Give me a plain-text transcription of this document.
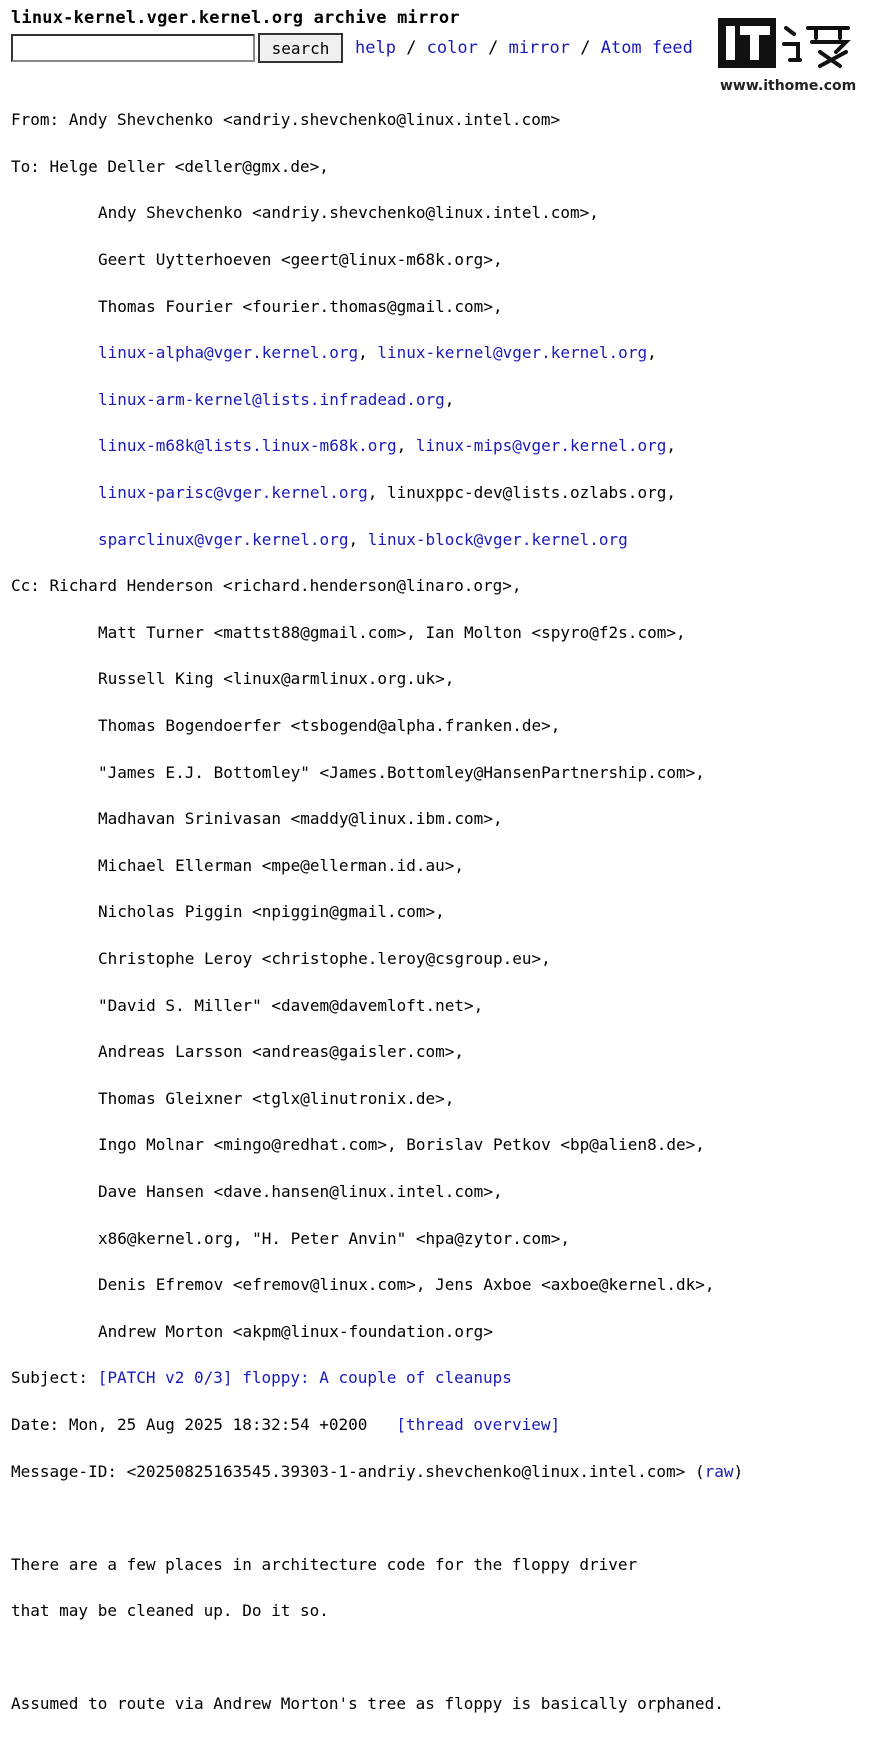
linux-kernel.vger.kernel.org archive mirror
search	help / color / mirror / Atom feed
www.ithome.com

From: Andy Shevchenko <andriy.shevchenko@linux.intel.com>

To: Helge Deller <deller@gmx.de>,

Andy Shevchenko <andriy.shevchenko@linux.intel.com>,

Geert Uytterhoeven <geert@linux-m68k.org>,

Thomas Fourier <fourier.thomas@gmail.com>,

linux-alpha@vger.kernel.org, linux-kernel@vger.kernel.org,

linux-arm-kernel@lists.infradead.org,

linux-m68k@lists.linux-m68k.org, linux-mips@vger.kernel.org,

linux-parisc@vger.kernel.org, linuxppc-dev@lists.ozlabs.org,

sparclinux@vger.kernel.org, linux-block@vger.kernel.org

Cc: Richard Henderson <richard.henderson@linaro.org>,

Matt Turner <mattst88@gmail.com>, Ian Molton <spyro@f2s.com>,

Russell King <linux@armlinux.org.uk>,

Thomas Bogendoerfer <tsbogend@alpha.franken.de>,

"James E.J. Bottomley" <James.Bottomley@HansenPartnership.com>,

Madhavan Srinivasan <maddy@linux.ibm.com>,

Michael Ellerman <mpe@ellerman.id.au>,

Nicholas Piggin <npiggin@gmail.com>,

Christophe Leroy <christophe.leroy@csgroup.eu>,

"David S. Miller" <davem@davemloft.net>,

Andreas Larsson <andreas@gaisler.com>,

Thomas Gleixner <tglx@linutronix.de>,

Ingo Molnar <mingo@redhat.com>, Borislav Petkov <bp@alien8.de>,

Dave Hansen <dave.hansen@linux.intel.com>,

x86@kernel.org, "H. Peter Anvin" <hpa@zytor.com>,

Denis Efremov <efremov@linux.com>, Jens Axboe <axboe@kernel.dk>,

Andrew Morton <akpm@linux-foundation.org>

Subject: [PATCH v2 0/3] floppy: A couple of cleanups

Date: Mon, 25 Aug 2025 18:32:54 +0200 [thread overview]

Message-ID: <20250825163545.39303-1-andriy.shevchenko@linux.intel.com> (raw)

There are a few places in architecture code for the floppy driver

that may be cleaned up. Do it so.

Assumed to route via Andrew Morton's tree as floppy is basically orphaned.
